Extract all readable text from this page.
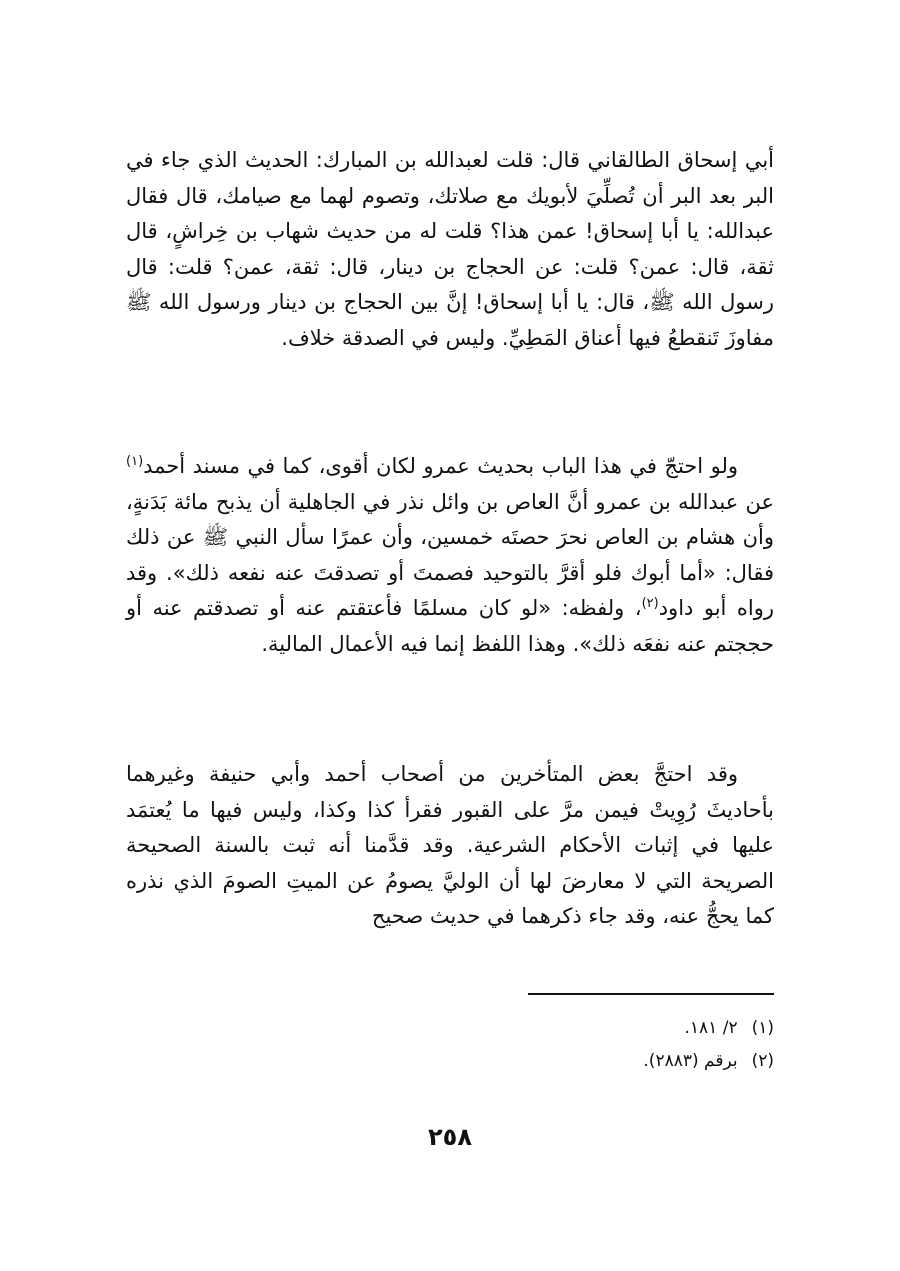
أبي إسحاق الطالقاني قال: قلت لعبدالله بن المبارك: الحديث الذي جاء في البر بعد البر أن تُصلِّيَ لأبويك مع صلاتك، وتصوم لهما مع صيامك، قال فقال عبدالله: يا أبا إسحاق! عمن هذا؟ قلت له من حديث شهاب بن خِراشٍ، قال ثقة، قال: عمن؟ قلت: عن الحجاج بن دينار، قال: ثقة، عمن؟ قلت: قال رسول الله ﷺ، قال: يا أبا إسحاق! إنَّ بين الحجاج بن دينار ورسول الله ﷺ مفاوزَ تَنقطعُ فيها أعناق المَطِيِّ. وليس في الصدقة خلاف.

ولو احتجّ في هذا الباب بحديث عمرو لكان أقوى، كما في مسند أحمد$^{(١)}$ عن عبدالله بن عمرو أنَّ العاص بن وائل نذر في الجاهلية أن يذبح مائة بَدَنةٍ، وأن هشام بن العاص نحرَ حصتَه خمسين، وأن عمرًا سأل النبي ﷺ عن ذلك فقال: «أما أبوك فلو أقرَّ بالتوحيد فصمتَ أو تصدقتَ عنه نفعه ذلك». وقد رواه أبو داود$^{(٢)}$، ولفظه: «لو كان مسلمًا فأعتقتم عنه أو تصدقتم عنه أو حججتم عنه نفعَه ذلك». وهذا اللفظ إنما فيه الأعمال المالية.

وقد احتجَّ بعض المتأخرين من أصحاب أحمد وأبي حنيفة وغيرهما بأحاديثَ رُوِيتْ فيمن مرَّ على القبور فقرأ كذا وكذا، وليس فيها ما يُعتمَد عليها في إثبات الأحكام الشرعية. وقد قدَّمنا أنه ثبت بالسنة الصحيحة الصريحة التي لا معارضَ لها أن الوليَّ يصومُ عن الميتِ الصومَ الذي نذره كما يحجُّ عنه، وقد جاء ذكرهما في حديث صحيح

(١)٢/ ١٨١.
(٢)برقم (٢٨٨٣).
٢٥٨
